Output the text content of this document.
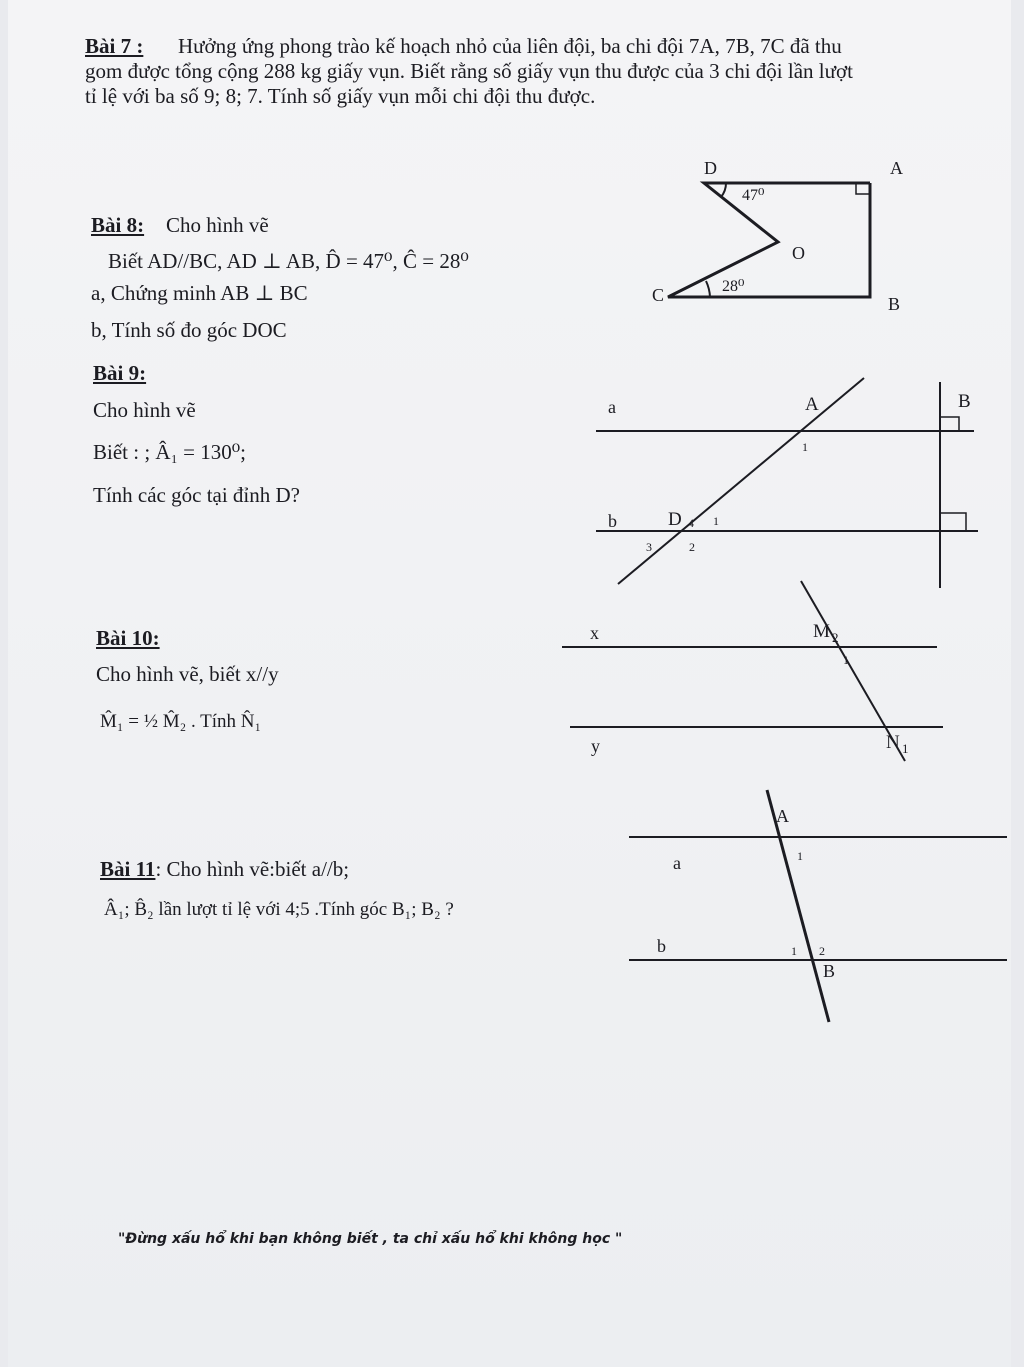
Bài 7 : Hưởng ứng phong trào kế hoạch nhỏ của liên đội, ba chi đội 7A, 7B, 7C đã thu
gom được tổng cộng 288 kg giấy vụn. Biết rằng số giấy vụn thu được của 3 chi đội lần lượt
tỉ lệ với ba số 9; 8; 7. Tính số giấy vụn mỗi chi đội thu được.
Bài 8: Cho hình vẽ
Biết AD//BC, AD ⊥ AB, D̂ = 47⁰, Ĉ = 28⁰
a, Chứng minh AB ⊥ BC
b, Tính số đo góc DOC
D	A
O
C	B
47⁰
28⁰
Bài 9:
Cho hình vẽ
Biết : ; Â₁ = 130⁰;
Tính các góc tại đỉnh D?
a
b
A	B
D
1
4 1
3	2
Bài 10:
Cho hình vẽ, biết x//y
M̂₁ = ½ M̂₂ . Tính N̂₁
x
y
M 2
1
N 1
Bài 11: Cho hình vẽ:biết a//b;
Â₁; B̂₂ lần lượt tỉ lệ với 4;5 .Tính góc B₁; B₂ ?
A
a
b
B
1
1 2
"Đừng xấu hổ khi bạn không biết , ta chỉ xấu hổ khi không học "
